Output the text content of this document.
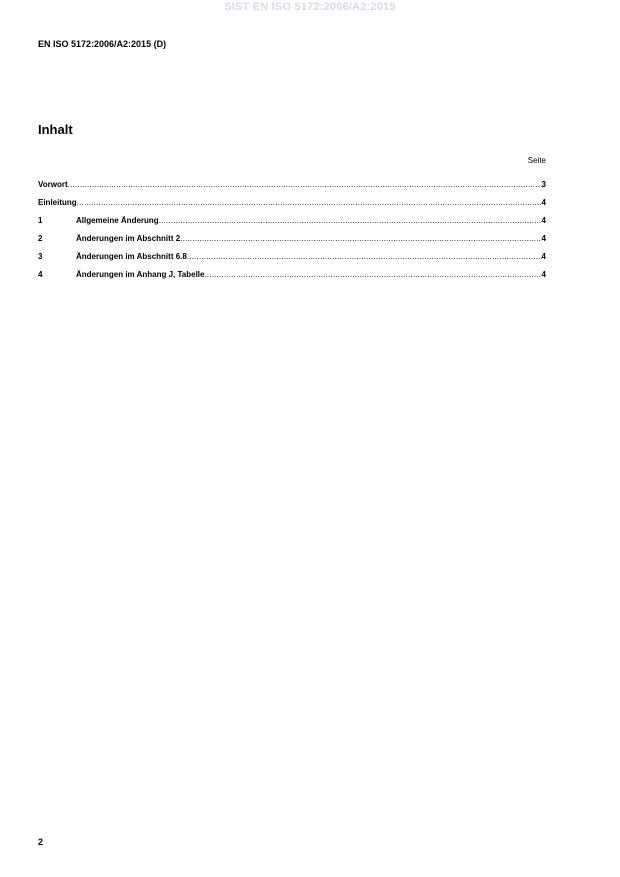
SIST EN ISO 5172:2006/A2:2015
EN ISO 5172:2006/A2:2015 (D)
Inhalt
Seite
Vorwort .....	3
Einleitung .....	4
1	Allgemeine Änderung .....	4
2	Änderungen im Abschnitt 2 .....	4
3	Änderungen im Abschnitt 6.8 .....	4
4	Änderungen im Anhang J, Tabelle .....	4
2
